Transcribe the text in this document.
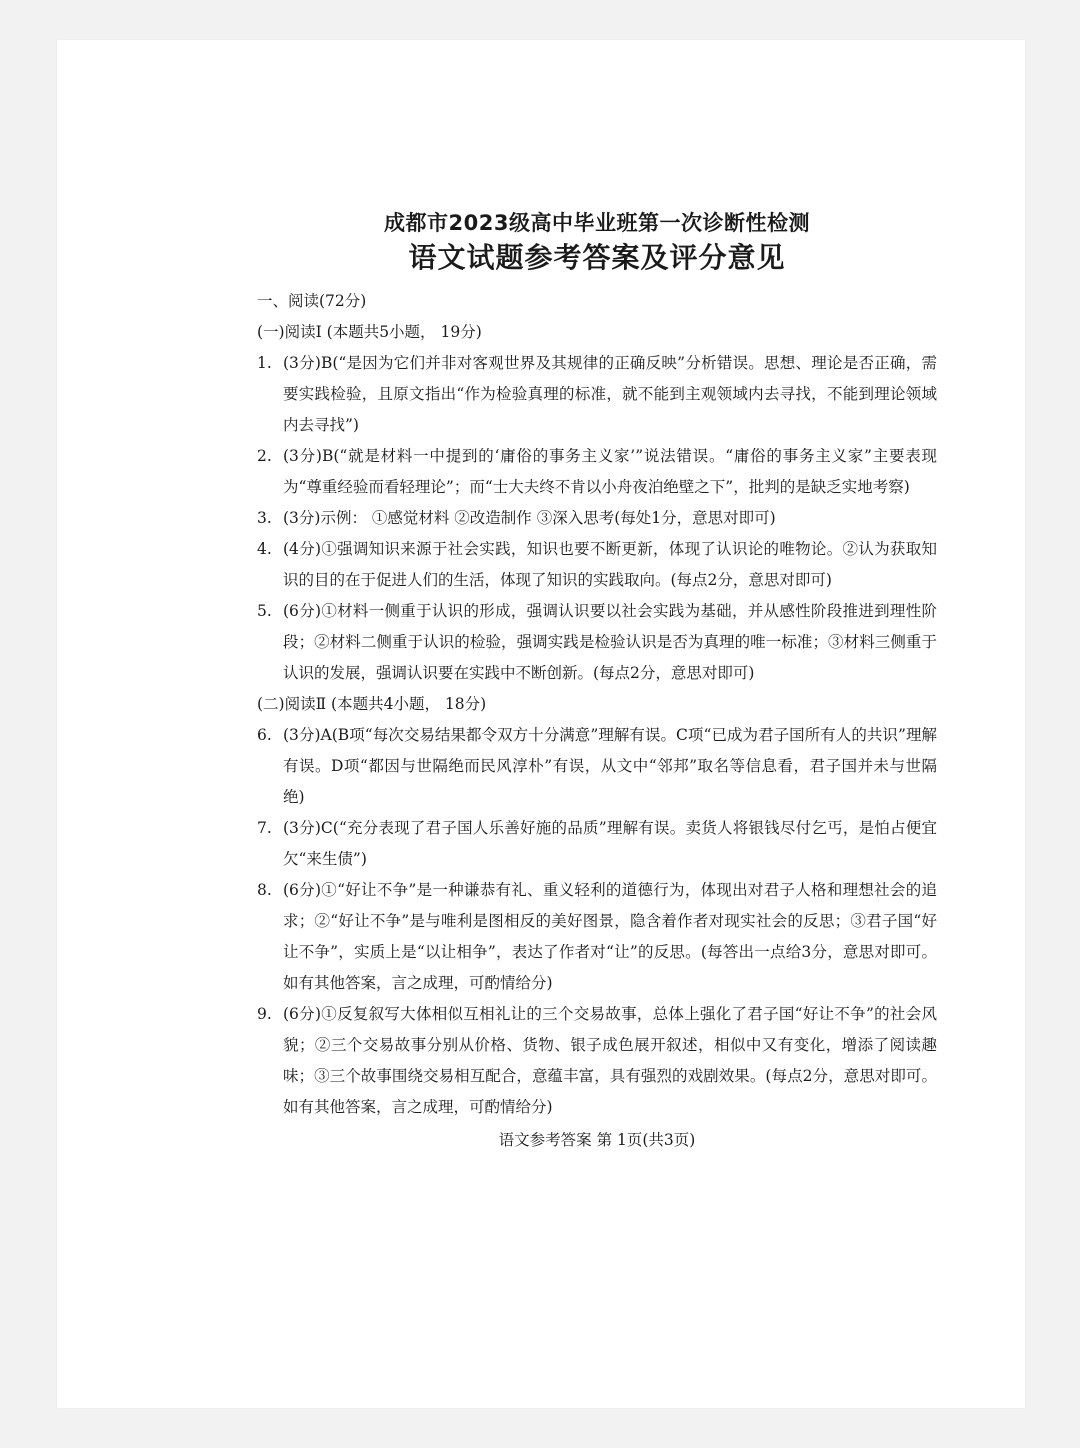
成都市2023级高中毕业班第一次诊断性检测
语文试题参考答案及评分意见
一、阅读(72分)
(一)阅读Ⅰ (本题共5小题， 19分)
1. (3分)B(“是因为它们并非对客观世界及其规律的正确反映”分析错误。思想、理论是否正确，需要实践检验，且原文指出“作为检验真理的标准，就不能到主观领域内去寻找，不能到理论领域内去寻找”)
2. (3分)B(“就是材料一中提到的‘庸俗的事务主义家’”说法错误。“庸俗的事务主义家”主要表现为“尊重经验而看轻理论”；而“士大夫终不肯以小舟夜泊绝壁之下”，批判的是缺乏实地考察)
3. (3分)示例： ①感觉材料 ②改造制作 ③深入思考(每处1分，意思对即可)
4. (4分)①强调知识来源于社会实践，知识也要不断更新，体现了认识论的唯物论。②认为获取知识的目的在于促进人们的生活，体现了知识的实践取向。(每点2分，意思对即可)
5. (6分)①材料一侧重于认识的形成，强调认识要以社会实践为基础，并从感性阶段推进到理性阶段；②材料二侧重于认识的检验，强调实践是检验认识是否为真理的唯一标准；③材料三侧重于认识的发展，强调认识要在实践中不断创新。(每点2分，意思对即可)
(二)阅读Ⅱ (本题共4小题， 18分)
6. (3分)A(B项“每次交易结果都令双方十分满意”理解有误。C项“已成为君子国所有人的共识”理解有误。D项“都因与世隔绝而民风淳朴”有误，从文中“邻邦”取名等信息看，君子国并未与世隔绝)
7. (3分)C(“充分表现了君子国人乐善好施的品质”理解有误。卖货人将银钱尽付乞丐，是怕占便宜欠“来生债”)
8. (6分)①“好让不争”是一种谦恭有礼、重义轻利的道德行为，体现出对君子人格和理想社会的追求；②“好让不争”是与唯利是图相反的美好图景，隐含着作者对现实社会的反思；③君子国“好让不争”，实质上是“以让相争”，表达了作者对“让”的反思。(每答出一点给3分，意思对即可。如有其他答案，言之成理，可酌情给分)
9. (6分)①反复叙写大体相似互相礼让的三个交易故事，总体上强化了君子国“好让不争”的社会风貌；②三个交易故事分别从价格、货物、银子成色展开叙述，相似中又有变化，增添了阅读趣味；③三个故事围绕交易相互配合，意蕴丰富，具有强烈的戏剧效果。(每点2分，意思对即可。如有其他答案，言之成理，可酌情给分)
语文参考答案 第 1页(共3页)
